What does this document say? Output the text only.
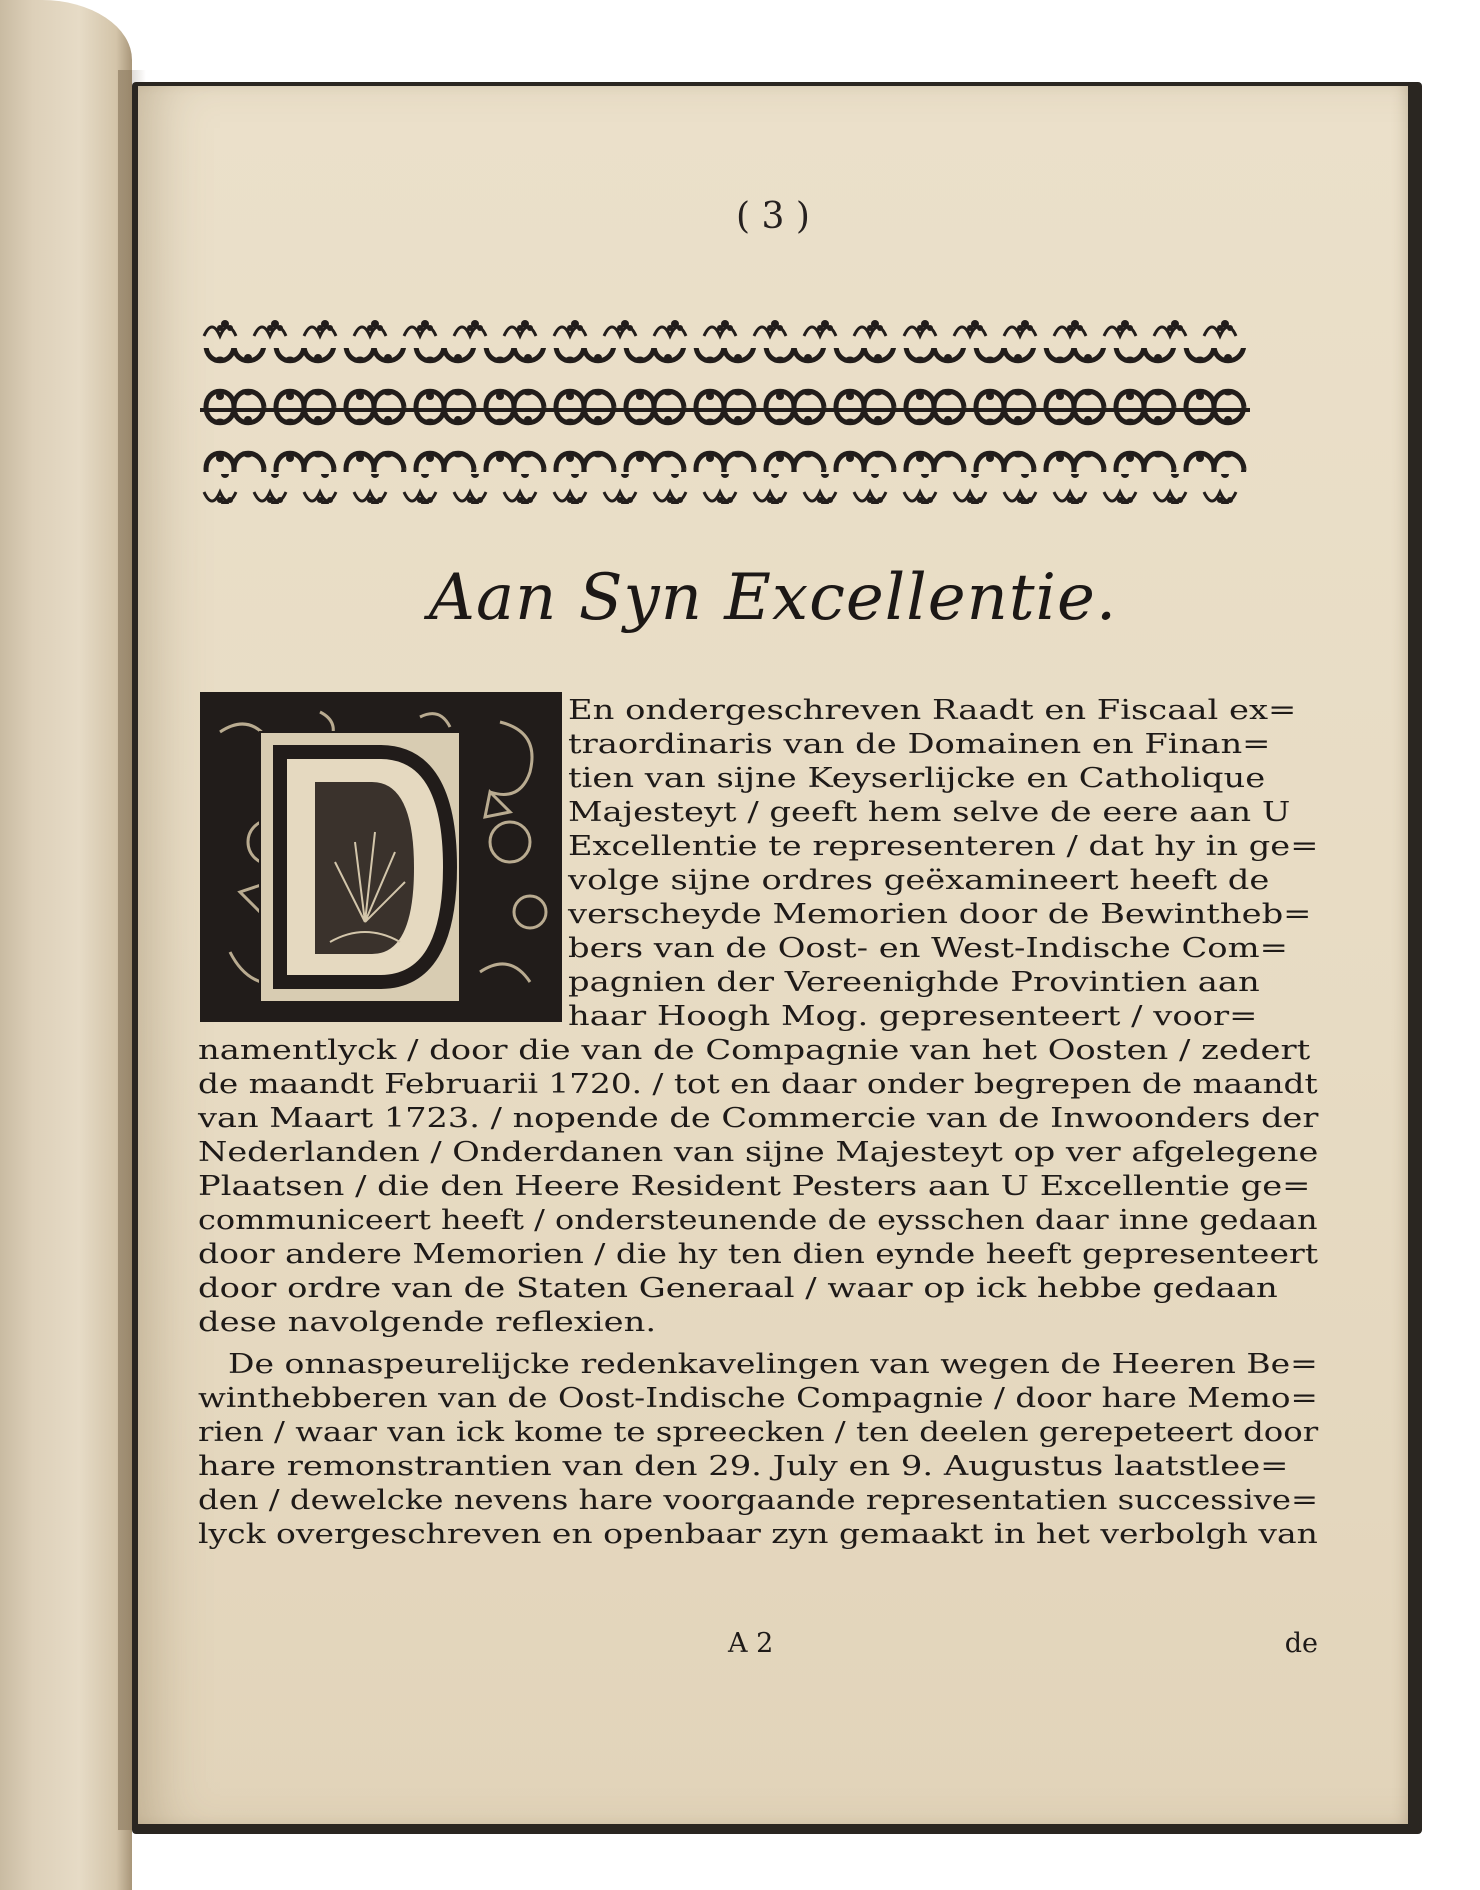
( 3 )
Aan Syn Excellentie.
En ondergeschreven Raadt en Fiscaal ex=
traordinaris van de Domainen en Finan=
tien van sijne Keyserlijcke en Catholique
Majesteyt / geeft hem selve de eere aan U
Excellentie te representeren / dat hy in ge=
volge sijne ordres geëxamineert heeft de
verscheyde Memorien door de Bewintheb=
bers van de Oost- en West-Indische Com=
pagnien der Vereenighde Provintien aan
haar Hoogh Mog. gepresenteert / voor=
namentlyck / door die van de Compagnie van het Oosten / zedert
de maandt Februarii 1720. / tot en daar onder begrepen de maandt
van Maart 1723. / nopende de Commercie van de Inwoonders der
Nederlanden / Onderdanen van sijne Majesteyt op ver afgelegene
Plaatsen / die den Heere Resident Pesters aan U Excellentie ge=
communiceert heeft / ondersteunende de eysschen daar inne gedaan
door andere Memorien / die hy ten dien eynde heeft gepresenteert
door ordre van de Staten Generaal / waar op ick hebbe gedaan
dese navolgende reflexien.
De onnaspeurelijcke redenkavelingen van wegen de Heeren Be=
winthebberen van de Oost-Indische Compagnie / door hare Memo=
rien / waar van ick kome te spreecken / ten deelen gerepeteert door
hare remonstrantien van den 29. July en 9. Augustus laatstlee=
den / dewelcke nevens hare voorgaande representatien successive=
lyck overgeschreven en openbaar zyn gemaakt in het verbolgh van
A 2	de
